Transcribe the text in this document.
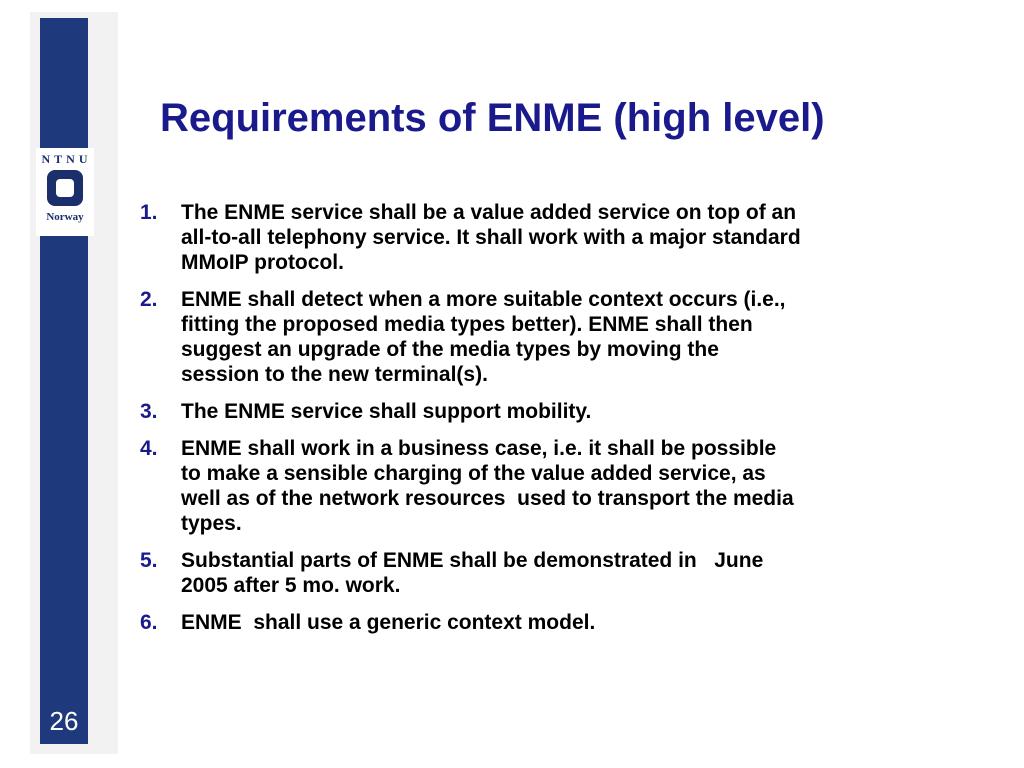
NTNU
Norway
26
Requirements of ENME (high level)
1.	The ENME service shall be a value added service on top of an
all-to-all telephony service. It shall work with a major standard
MMoIP protocol.
2.	ENME shall detect when a more suitable context occurs (i.e.,
fitting the proposed media types better). ENME shall then
suggest an upgrade of the media types by moving the
session to the new terminal(s).
3.	The ENME service shall support mobility.
4.	ENME shall work in a business case, i.e. it shall be possible
to make a sensible charging of the value added service, as
well as of the network resources  used to transport the media
types.
5.	Substantial parts of ENME shall be demonstrated in   June
2005 after 5 mo. work.
6.	ENME  shall use a generic context model.
